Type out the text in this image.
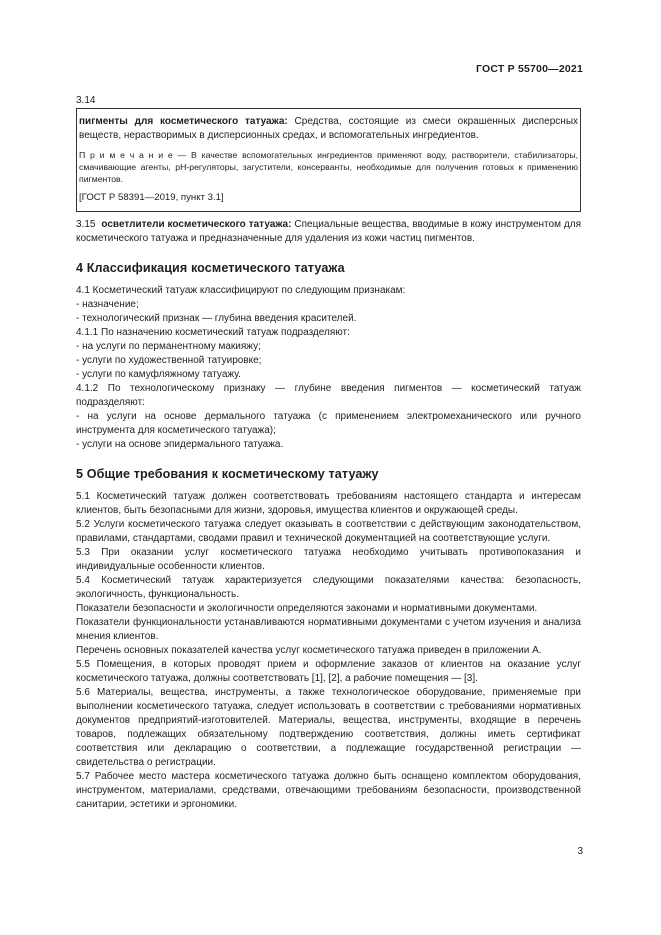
ГОСТ Р 55700—2021

3.14

пигменты для косметического татуажа: Средства, состоящие из смеси окрашенных дисперсных веществ, нерастворимых в дисперсионных средах, и вспомогательных ингредиентов.

П р и м е ч а н и е — В качестве вспомогательных ингредиентов применяют воду, растворители, стабилизаторы, смачивающие агенты, pH-регуляторы, загустители, консерванты, необходимые для получения готовых к применению пигментов.

[ГОСТ Р 58391—2019, пункт 3.1]

3.15 осветлители косметического татуажа: Специальные вещества, вводимые в кожу инструментом для косметического татуажа и предназначенные для удаления из кожи частиц пигментов.

4 Классификация косметического татуажа

4.1 Косметический татуаж классифицируют по следующим признакам:

- назначение;

- технологический признак — глубина введения красителей.

4.1.1 По назначению косметический татуаж подразделяют:

- на услуги по перманентному макияжу;

- услуги по художественной татуировке;

- услуги по камуфляжному татуажу.

4.1.2 По технологическому признаку — глубине введения пигментов — косметический татуаж подразделяют:

- на услуги на основе дермального татуажа (с применением электромеханического или ручного инструмента для косметического татуажа);

- услуги на основе эпидермального татуажа.

5 Общие требования к косметическому татуажу

5.1 Косметический татуаж должен соответствовать требованиям настоящего стандарта и интересам клиентов, быть безопасными для жизни, здоровья, имущества клиентов и окружающей среды.

5.2 Услуги косметического татуажа следует оказывать в соответствии с действующим законодательством, правилами, стандартами, сводами правил и технической документацией на соответствующие услуги.

5.3 При оказании услуг косметического татуажа необходимо учитывать противопоказания и индивидуальные особенности клиентов.

5.4 Косметический татуаж характеризуется следующими показателями качества: безопасность, экологичность, функциональность.

Показатели безопасности и экологичности определяются законами и нормативными документами.

Показатели функциональности устанавливаются нормативными документами с учетом изучения и анализа мнения клиентов.

Перечень основных показателей качества услуг косметического татуажа приведен в приложении А.

5.5 Помещения, в которых проводят прием и оформление заказов от клиентов на оказание услуг косметического татуажа, должны соответствовать [1], [2], а рабочие помещения — [3].

5.6 Материалы, вещества, инструменты, а также технологическое оборудование, применяемые при выполнении косметического татуажа, следует использовать в соответствии с требованиями нормативных документов предприятий-изготовителей. Материалы, вещества, инструменты, входящие в перечень товаров, подлежащих обязательному подтверждению соответствия, должны иметь сертификат соответствия или декларацию о соответствии, а подлежащие государственной регистрации — свидетельства о регистрации.

5.7 Рабочее место мастера косметического татуажа должно быть оснащено комплектом оборудования, инструментом, материалами, средствами, отвечающими требованиям безопасности, производственной санитарии, эстетики и эргономики.

3
